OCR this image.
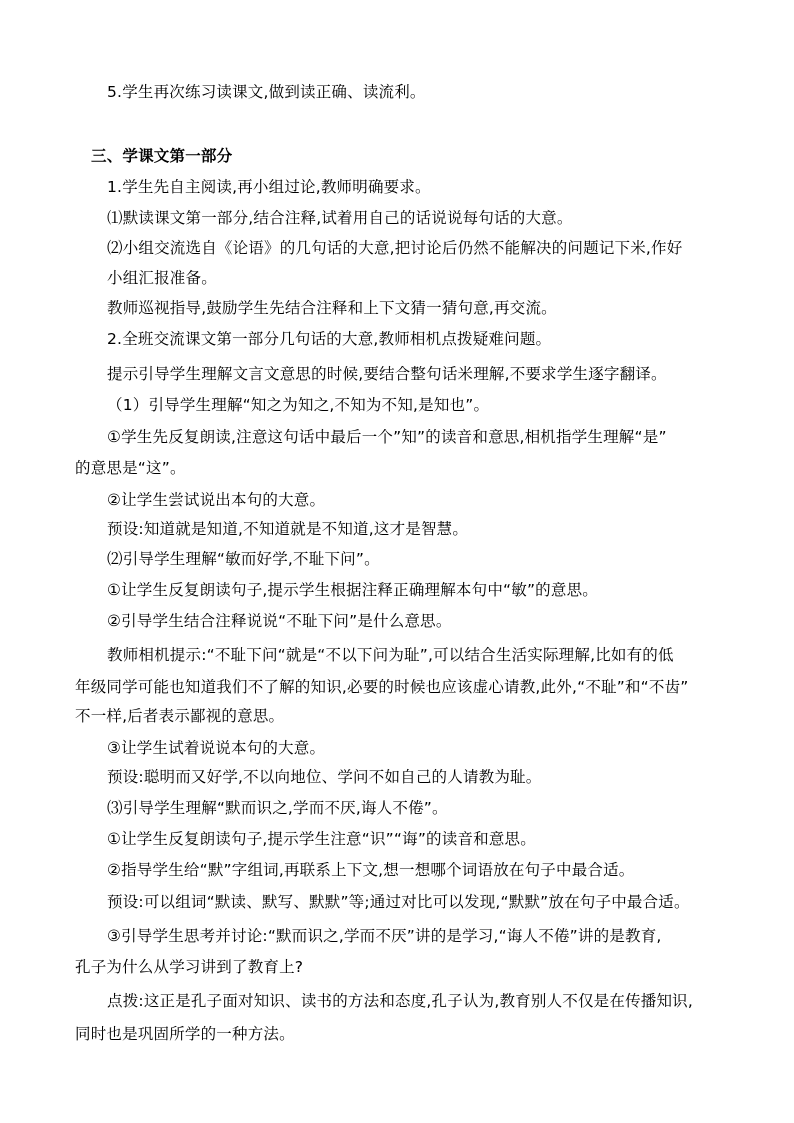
5.学生再次练习读课文,做到读正确、读流利。
三、学课文第一部分
1.学生先自主阅读,再小组过论,教师明确要求。
⑴默读课文第一部分,结合注释,试着用自己的话说说每句话的大意。
⑵小组交流选自《论语》的几句话的大意,把讨论后仍然不能解决的问题记下米,作好
小组汇报准备。
教师巡视指导,鼓励学生先结合注释和上下文猜一猜句意,再交流。
2.全班交流课文第一部分几句话的大意,教师相机点拨疑难问题。
提示引导学生理解文言文意思的时候,要结合整句话米理解,不要求学生逐字翻译。
（1）引导学生理解“知之为知之,不知为不知,是知也”。
①学生先反复朗读,注意这句话中最后一个”知”的读音和意思,相机指学生理解“是”
的意思是“这”。
②让学生尝试说出本句的大意。
预设:知道就是知道,不知道就是不知道,这才是智慧。
⑵引导学生理解“敏而好学,不耻下问”。
①让学生反复朗读句子,提示学生根据注释正确理解本句中“敏”的意思。
②引导学生结合注释说说“不耻下问”是什么意思。
教师相机提示:“不耻下问“就是“不以下问为耻”,可以结合生活实际理解,比如有的低
年级同学可能也知道我们不了解的知识,必要的时候也应该虚心请教,此外,“不耻”和“不齿”
不一样,后者表示鄙视的意思。
③让学生试着说说本句的大意。
预设:聪明而又好学,不以向地位、学问不如自己的人请教为耻。
⑶引导学生理解“默而识之,学而不厌,诲人不倦”。
①让学生反复朗读句子,提示学生注意“识”“诲”的读音和意思。
②指导学生给“默”字组词,再联系上下文,想一想哪个词语放在句子中最合适。
预设:可以组词“默读、默写、默默”等;通过对比可以发现,“默默”放在句子中最合适。
③引导学生思考并讨论:“默而识之,学而不厌”讲的是学习,“诲人不倦”讲的是教育,
孔子为什么从学习讲到了教育上?
点拨:这正是孔子面对知识、读书的方法和态度,孔子认为,教育别人不仅是在传播知识,
同时也是巩固所学的一种方法。
